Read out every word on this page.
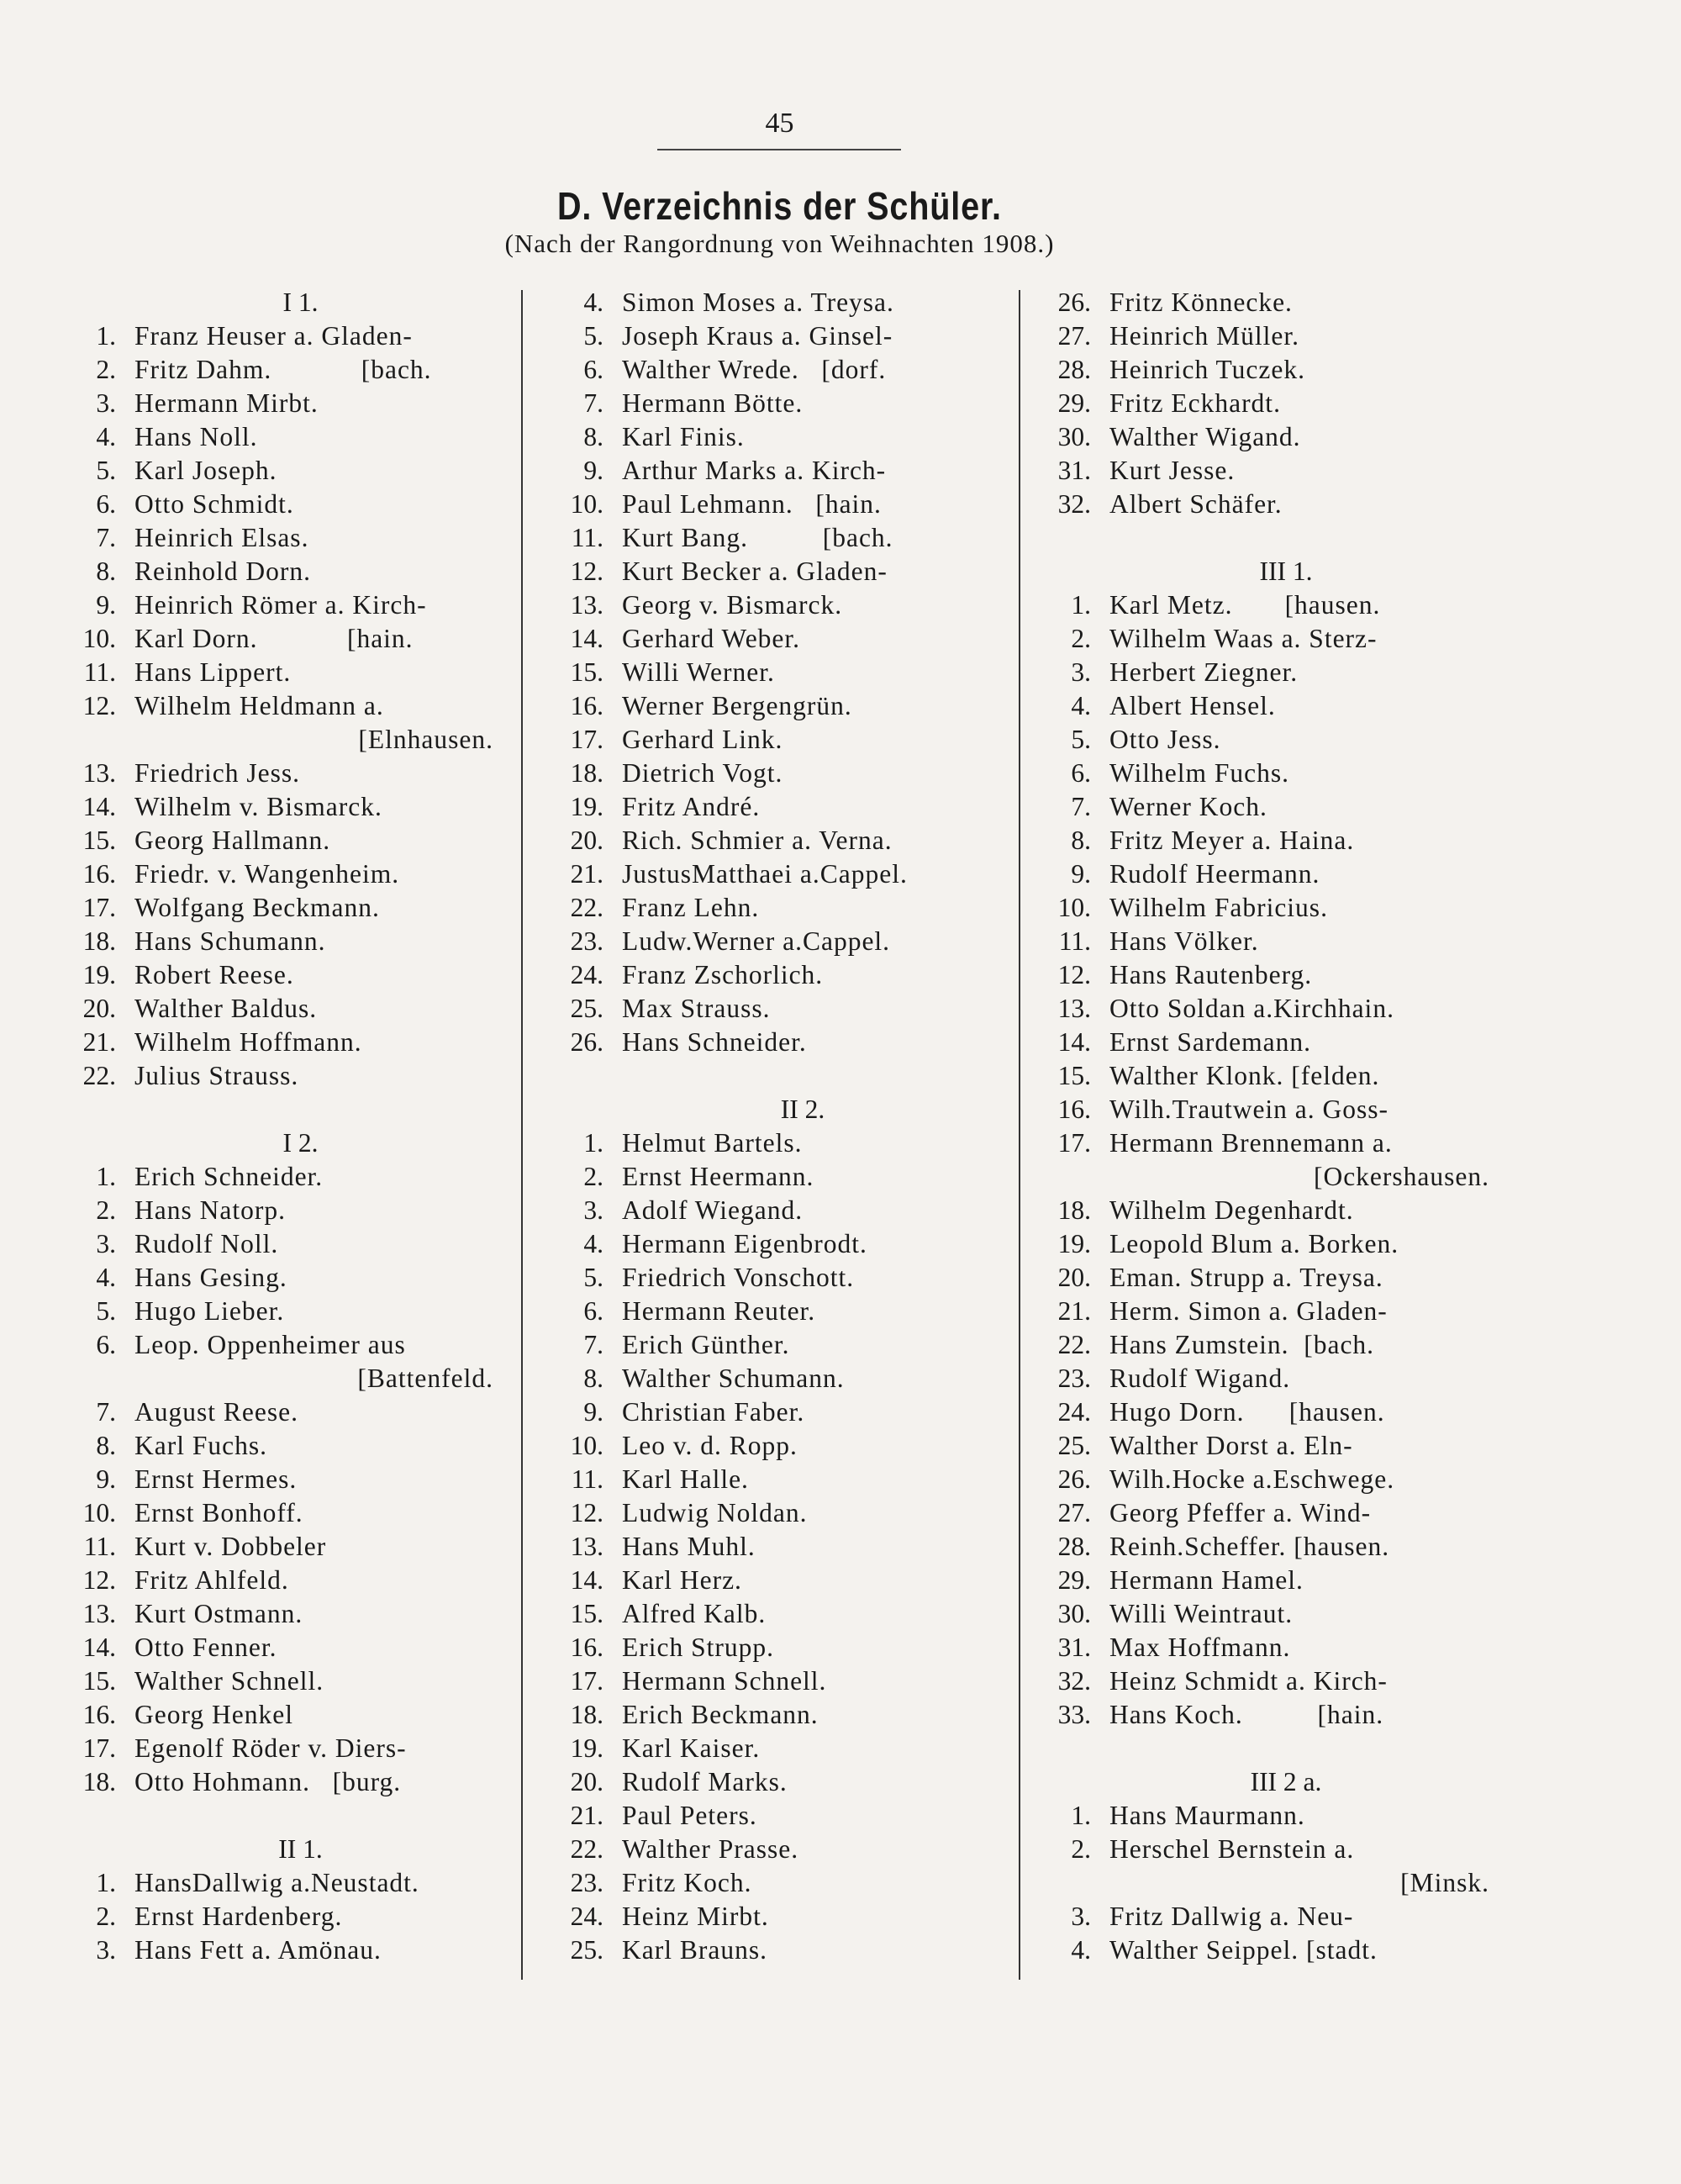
45
D. Verzeichnis der Schüler.
(Nach der Rangordnung von Weihnachten 1908.)
I 1.
1. Franz Heuser a. Gladen-
2. Fritz Dahm.            [bach.
3. Hermann Mirbt.
4. Hans Noll.
5. Karl Joseph.
6. Otto Schmidt.
7. Heinrich Elsas.
8. Reinhold Dorn.
9. Heinrich Römer a. Kirch-
10. Karl Dorn.            [hain.
11. Hans Lippert.
12. Wilhelm Heldmann a.
[Elnhausen.
13. Friedrich Jess.
14. Wilhelm v. Bismarck.
15. Georg Hallmann.
16. Friedr. v. Wangenheim.
17. Wolfgang Beckmann.
18. Hans Schumann.
19. Robert Reese.
20. Walther Baldus.
21. Wilhelm Hoffmann.
22. Julius Strauss.
I 2.
1. Erich Schneider.
2. Hans Natorp.
3. Rudolf Noll.
4. Hans Gesing.
5. Hugo Lieber.
6. Leop. Oppenheimer aus
[Battenfeld.
7. August Reese.
8. Karl Fuchs.
9. Ernst Hermes.
10. Ernst Bonhoff.
11. Kurt v. Dobbeler
12. Fritz Ahlfeld.
13. Kurt Ostmann.
14. Otto Fenner.
15. Walther Schnell.
16. Georg Henkel
17. Egenolf Röder v. Diers-
18. Otto Hohmann.   [burg.
II 1.
1. HansDallwig a.Neustadt.
2. Ernst Hardenberg.
3. Hans Fett a. Amönau.
4. Simon Moses a. Treysa.
5. Joseph Kraus a. Ginsel-
6. Walther Wrede.   [dorf.
7. Hermann Bötte.
8. Karl Finis.
9. Arthur Marks a. Kirch-
10. Paul Lehmann.   [hain.
11. Kurt Bang.          [bach.
12. Kurt Becker a. Gladen-
13. Georg v. Bismarck.
14. Gerhard Weber.
15. Willi Werner.
16. Werner Bergengrün.
17. Gerhard Link.
18. Dietrich Vogt.
19. Fritz André.
20. Rich. Schmier a. Verna.
21. JustusMatthaei a.Cappel.
22. Franz Lehn.
23. Ludw.Werner a.Cappel.
24. Franz Zschorlich.
25. Max Strauss.
26. Hans Schneider.
II 2.
1. Helmut Bartels.
2. Ernst Heermann.
3. Adolf Wiegand.
4. Hermann Eigenbrodt.
5. Friedrich Vonschott.
6. Hermann Reuter.
7. Erich Günther.
8. Walther Schumann.
9. Christian Faber.
10. Leo v. d. Ropp.
11. Karl Halle.
12. Ludwig Noldan.
13. Hans Muhl.
14. Karl Herz.
15. Alfred Kalb.
16. Erich Strupp.
17. Hermann Schnell.
18. Erich Beckmann.
19. Karl Kaiser.
20. Rudolf Marks.
21. Paul Peters.
22. Walther Prasse.
23. Fritz Koch.
24. Heinz Mirbt.
25. Karl Brauns.
26. Fritz Könnecke.
27. Heinrich Müller.
28. Heinrich Tuczek.
29. Fritz Eckhardt.
30. Walther Wigand.
31. Kurt Jesse.
32. Albert Schäfer.
III 1.
1. Karl Metz.       [hausen.
2. Wilhelm Waas a. Sterz-
3. Herbert Ziegner.
4. Albert Hensel.
5. Otto Jess.
6. Wilhelm Fuchs.
7. Werner Koch.
8. Fritz Meyer a. Haina.
9. Rudolf Heermann.
10. Wilhelm Fabricius.
11. Hans Völker.
12. Hans Rautenberg.
13. Otto Soldan a.Kirchhain.
14. Ernst Sardemann.
15. Walther Klonk. [felden.
16. Wilh.Trautwein a. Goss-
17. Hermann Brennemann a.
[Ockershausen.
18. Wilhelm Degenhardt.
19. Leopold Blum a. Borken.
20. Eman. Strupp a. Treysa.
21. Herm. Simon a. Gladen-
22. Hans Zumstein.  [bach.
23. Rudolf Wigand.
24. Hugo Dorn.      [hausen.
25. Walther Dorst a. Eln-
26. Wilh.Hocke a.Eschwege.
27. Georg Pfeffer a. Wind-
28. Reinh.Scheffer. [hausen.
29. Hermann Hamel.
30. Willi Weintraut.
31. Max Hoffmann.
32. Heinz Schmidt a. Kirch-
33. Hans Koch.          [hain.
III 2 a.
1. Hans Maurmann.
2. Herschel Bernstein a.
[Minsk.
3. Fritz Dallwig a. Neu-
4. Walther Seippel. [stadt.
